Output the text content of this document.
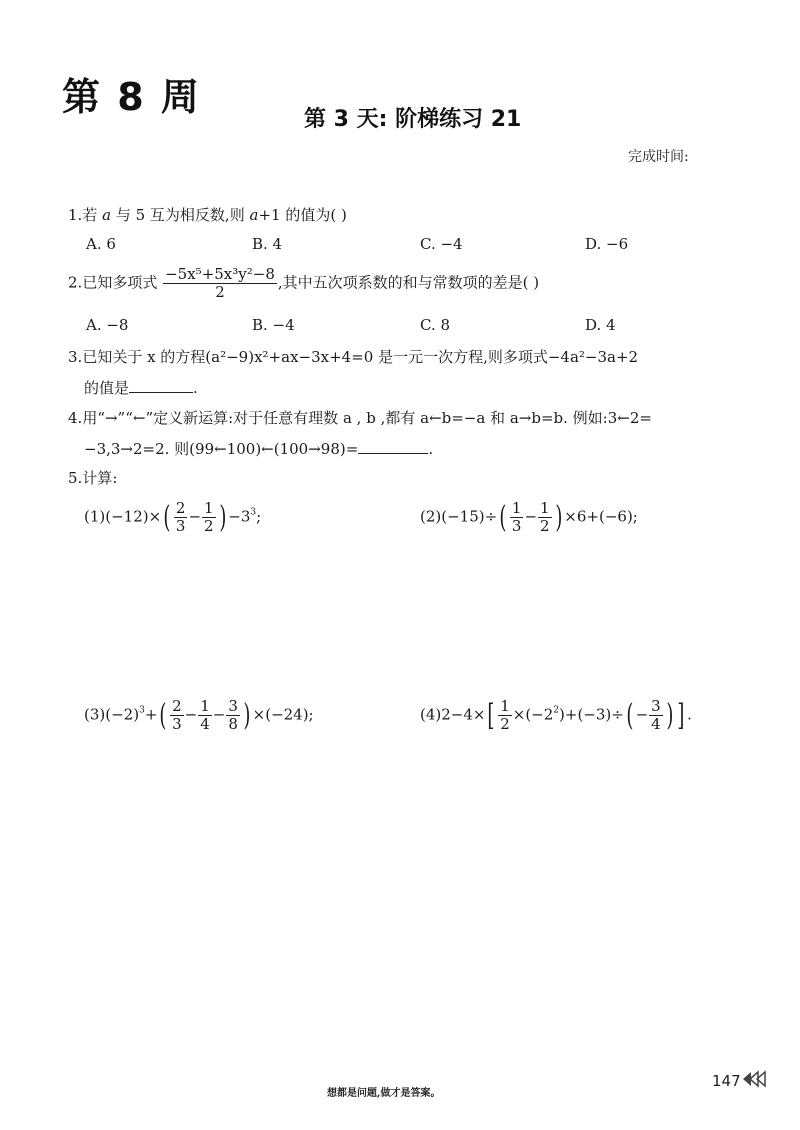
第 8 周
第 3 天: 阶梯练习 21
完成时间:
1.若 a 与 5 互为相反数,则 a+1 的值为( )
A. 6	B. 4	C. −4	D. −6
2.已知多项式 $\frac{\text{−5x⁵+5x³y²−8}}{2}$ ,其中五次项系数的和与常数项的差是( )
A. −8	B. −4	C. 8	D. 4
3.已知关于 x 的方程(a²−9)x²+ax−3x+4=0 是一元一次方程,则多项式−4a²−3a+2
的值是	.
4.用“→”“←”定义新运算:对于任意有理数 a , b ,都有 a←b=−a 和 a→b=b. 例如:3←2=
−3,3→2=2. 则(99←100)←(100→98)=	.
5.计算:
$(1)(-12)\times( \frac{2}{3} - \frac{1}{2}$ ) $-3^3$;	$(2)(-15)\div( \frac{1}{3} - \frac{1}{2}$ ) ×6+(−6);
$(3)(-2)^3+( \frac{2}{3} - \frac{1}{4} - \frac{3}{8}$ ) ×(−24);	$(4)2-4\times[ \frac{1}{2} \times(-2^2)+(-3)\div( - \frac{3}{4}$ ) ] .
想都是问题,做才是答案。
147
